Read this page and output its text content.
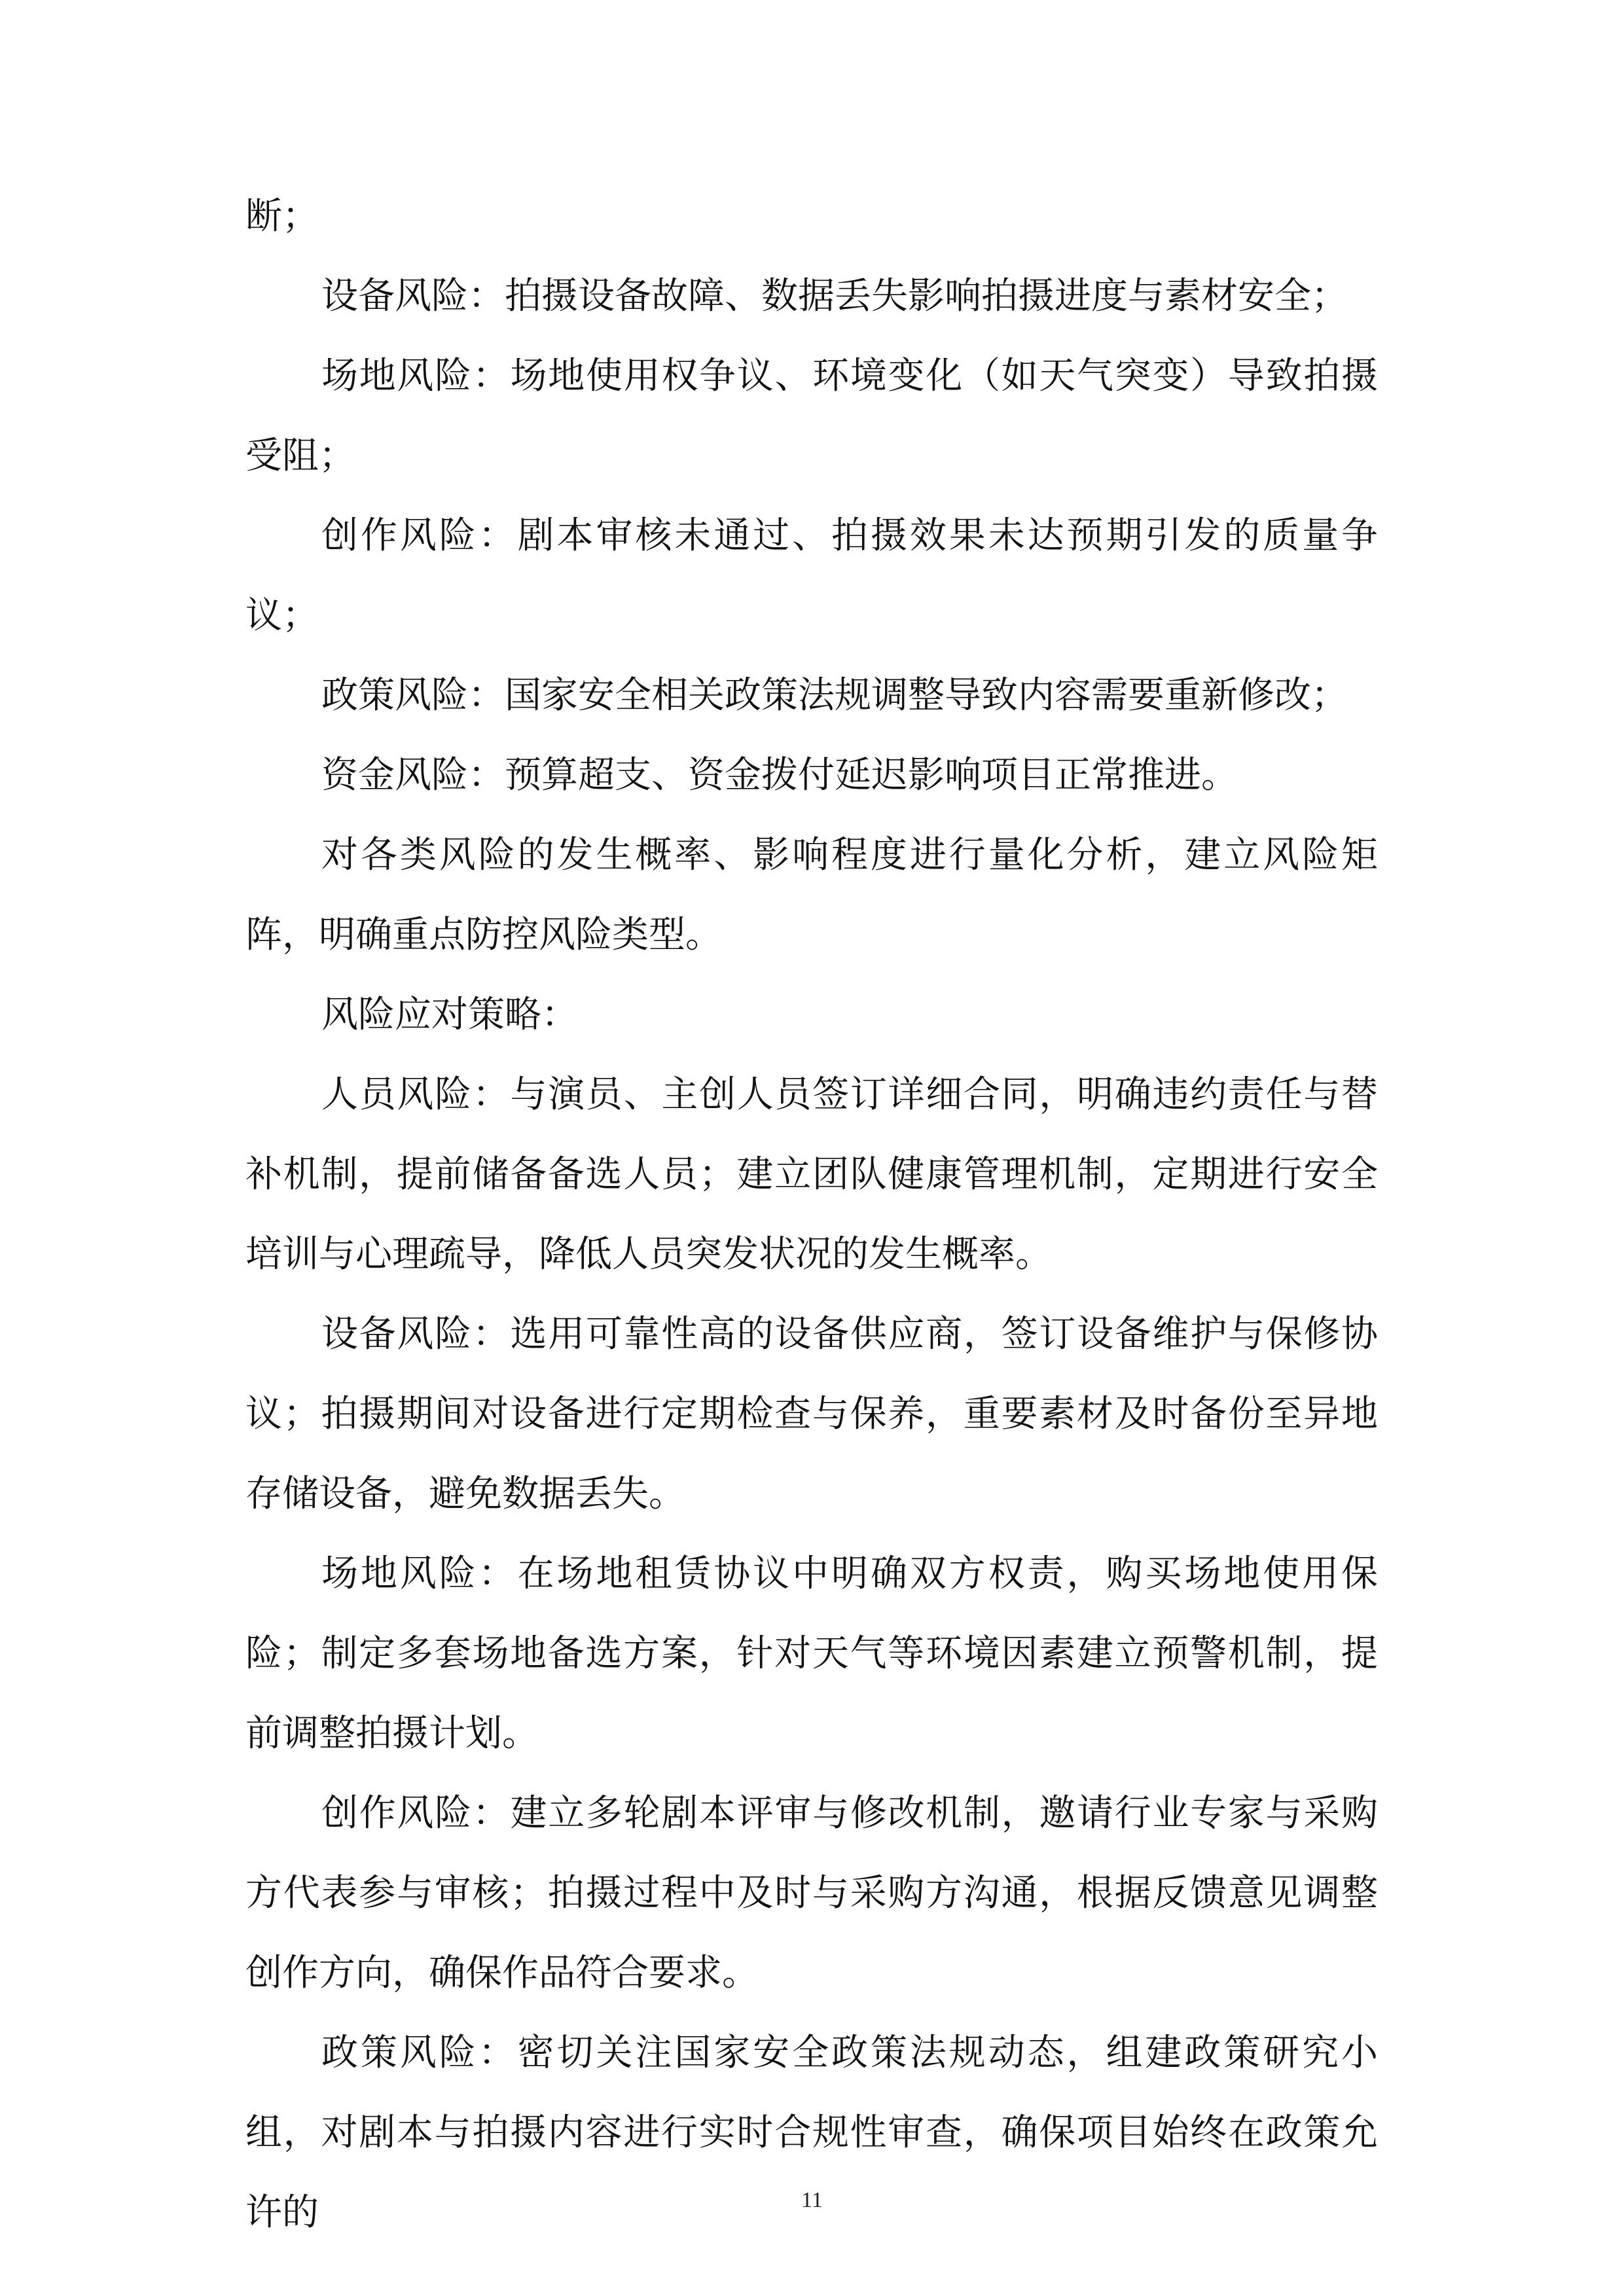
断；

设备风险：拍摄设备故障、数据丢失影响拍摄进度与素材安全；

场地风险：场地使用权争议、环境变化（如天气突变）导致拍摄受阻；

创作风险：剧本审核未通过、拍摄效果未达预期引发的质量争议；

政策风险：国家安全相关政策法规调整导致内容需要重新修改；

资金风险：预算超支、资金拨付延迟影响项目正常推进。

对各类风险的发生概率、影响程度进行量化分析，建立风险矩阵，明确重点防控风险类型。

风险应对策略：

人员风险：与演员、主创人员签订详细合同，明确违约责任与替补机制，提前储备备选人员；建立团队健康管理机制，定期进行安全培训与心理疏导，降低人员突发状况的发生概率。

设备风险：选用可靠性高的设备供应商，签订设备维护与保修协议；拍摄期间对设备进行定期检查与保养，重要素材及时备份至异地存储设备，避免数据丢失。

场地风险：在场地租赁协议中明确双方权责，购买场地使用保险；制定多套场地备选方案，针对天气等环境因素建立预警机制，提前调整拍摄计划。

创作风险：建立多轮剧本评审与修改机制，邀请行业专家与采购方代表参与审核；拍摄过程中及时与采购方沟通，根据反馈意见调整创作方向，确保作品符合要求。

政策风险：密切关注国家安全政策法规动态，组建政策研究小组，对剧本与拍摄内容进行实时合规性审查，确保项目始终在政策允许的	11
